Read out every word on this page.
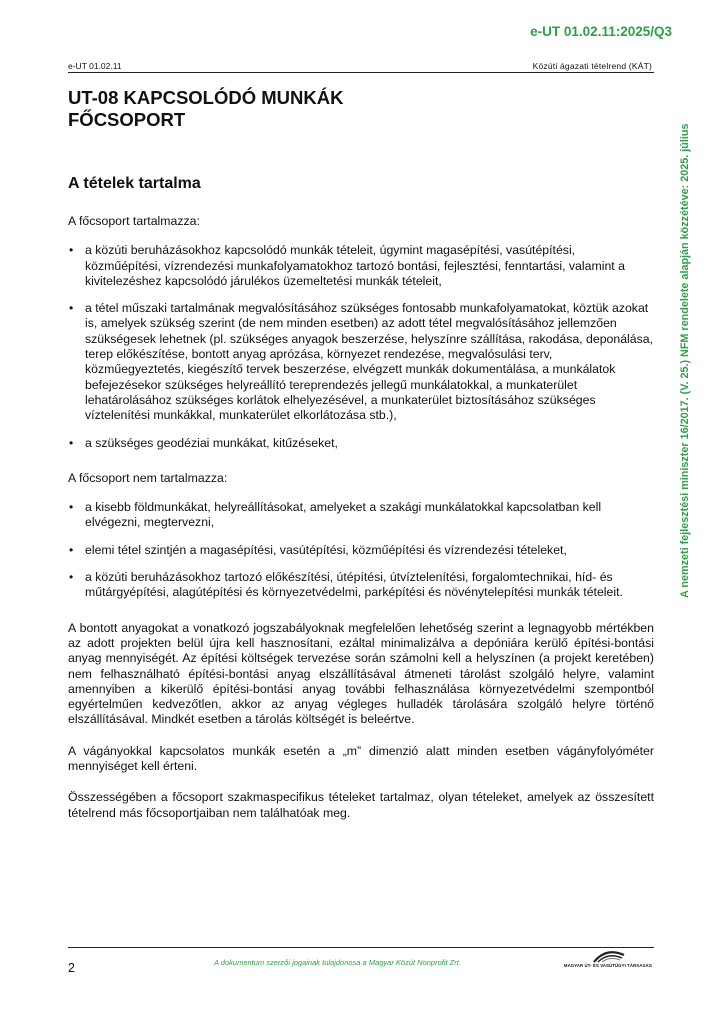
e-UT 01.02.11:2025/Q3
e-UT 01.02.11	Közúti ágazati tételrend (KÁT)
A nemzeti fejlesztési miniszter 16/2017. (V. 25.) NFM rendelete alapján közzétéve: 2025. július
UT-08 KAPCSOLÓDÓ MUNKÁK
FŐCSOPORT
A tételek tartalma

A főcsoport tartalmazza:

• a közúti beruházásokhoz kapcsolódó munkák tételeit, úgymint magasépítési, vasútépítési, közműépítési, vízrendezési munkafolyamatokhoz tartozó bontási, fejlesztési, fenntartási, valamint a kivitelezéshez kapcsolódó járulékos üzemeltetési munkák tételeit,
• a tétel műszaki tartalmának megvalósításához szükséges fontosabb munkafolyamatokat, köztük azokat is, amelyek szükség szerint (de nem minden esetben) az adott tétel megvalósításához jellemzően szükségesek lehetnek (pl. szükséges anyagok beszerzése, helyszínre szállítása, rakodása, deponálása, terep előkészítése, bontott anyag aprózása, környezet rendezése, megvalósulási terv, közműegyeztetés, kiegészítő tervek beszerzése, elvégzett munkák dokumentálása, a munkálatok befejezésekor szükséges helyreállító tereprendezés jellegű munkálatokkal, a munkaterület lehatárolásához szükséges korlátok elhelyezésével, a munkaterület biztosításához szükséges víztelenítési munkákkal, munkaterület elkorlátozása stb.),
• a szükséges geodéziai munkákat, kitűzéseket,

A főcsoport nem tartalmazza:

• a kisebb földmunkákat, helyreállításokat, amelyeket a szakági munkálatokkal kapcsolatban kell elvégezni, megtervezni,
• elemi tétel szintjén a magasépítési, vasútépítési, közműépítési és vízrendezési tételeket,
• a közúti beruházásokhoz tartozó előkészítési, útépítési, útvíztelenítési, forgalomtechnikai, híd- és műtárgyépítési, alagútépítési és környezetvédelmi, parképítési és növénytelepítési munkák tételeit.

A bontott anyagokat a vonatkozó jogszabályoknak megfelelően lehetőség szerint a legnagyobb mértékben az adott projekten belül újra kell hasznosítani, ezáltal minimalizálva a depóniára kerülő építési-bontási anyag mennyiségét. Az építési költségek tervezése során számolni kell a helyszínen (a projekt keretében) nem felhasználható építési-bontási anyag elszállításával átmeneti tárolást szolgáló helyre, valamint amennyiben a kikerülő építési-bontási anyag további felhasználása környezetvédelmi szempontból egyértelműen kedvezőtlen, akkor az anyag végleges hulladék tárolására szolgáló helyre történő elszállításával. Mindkét esetben a tárolás költségét is beleértve.

A vágányokkal kapcsolatos munkák esetén a „m” dimenzió alatt minden esetben vágányfolyóméter mennyiséget kell érteni.

Összességében a főcsoport szakmaspecifikus tételeket tartalmaz, olyan tételeket, amelyek az összesített tételrend más főcsoportjaiban nem találhatóak meg.

2	A dokumentum szerzői jogainak tulajdonosa a Magyar Közút Nonprofit Zrt.	MAGYAR ÚT- ÉS VASÚTÜGYI TÁRSASÁG
